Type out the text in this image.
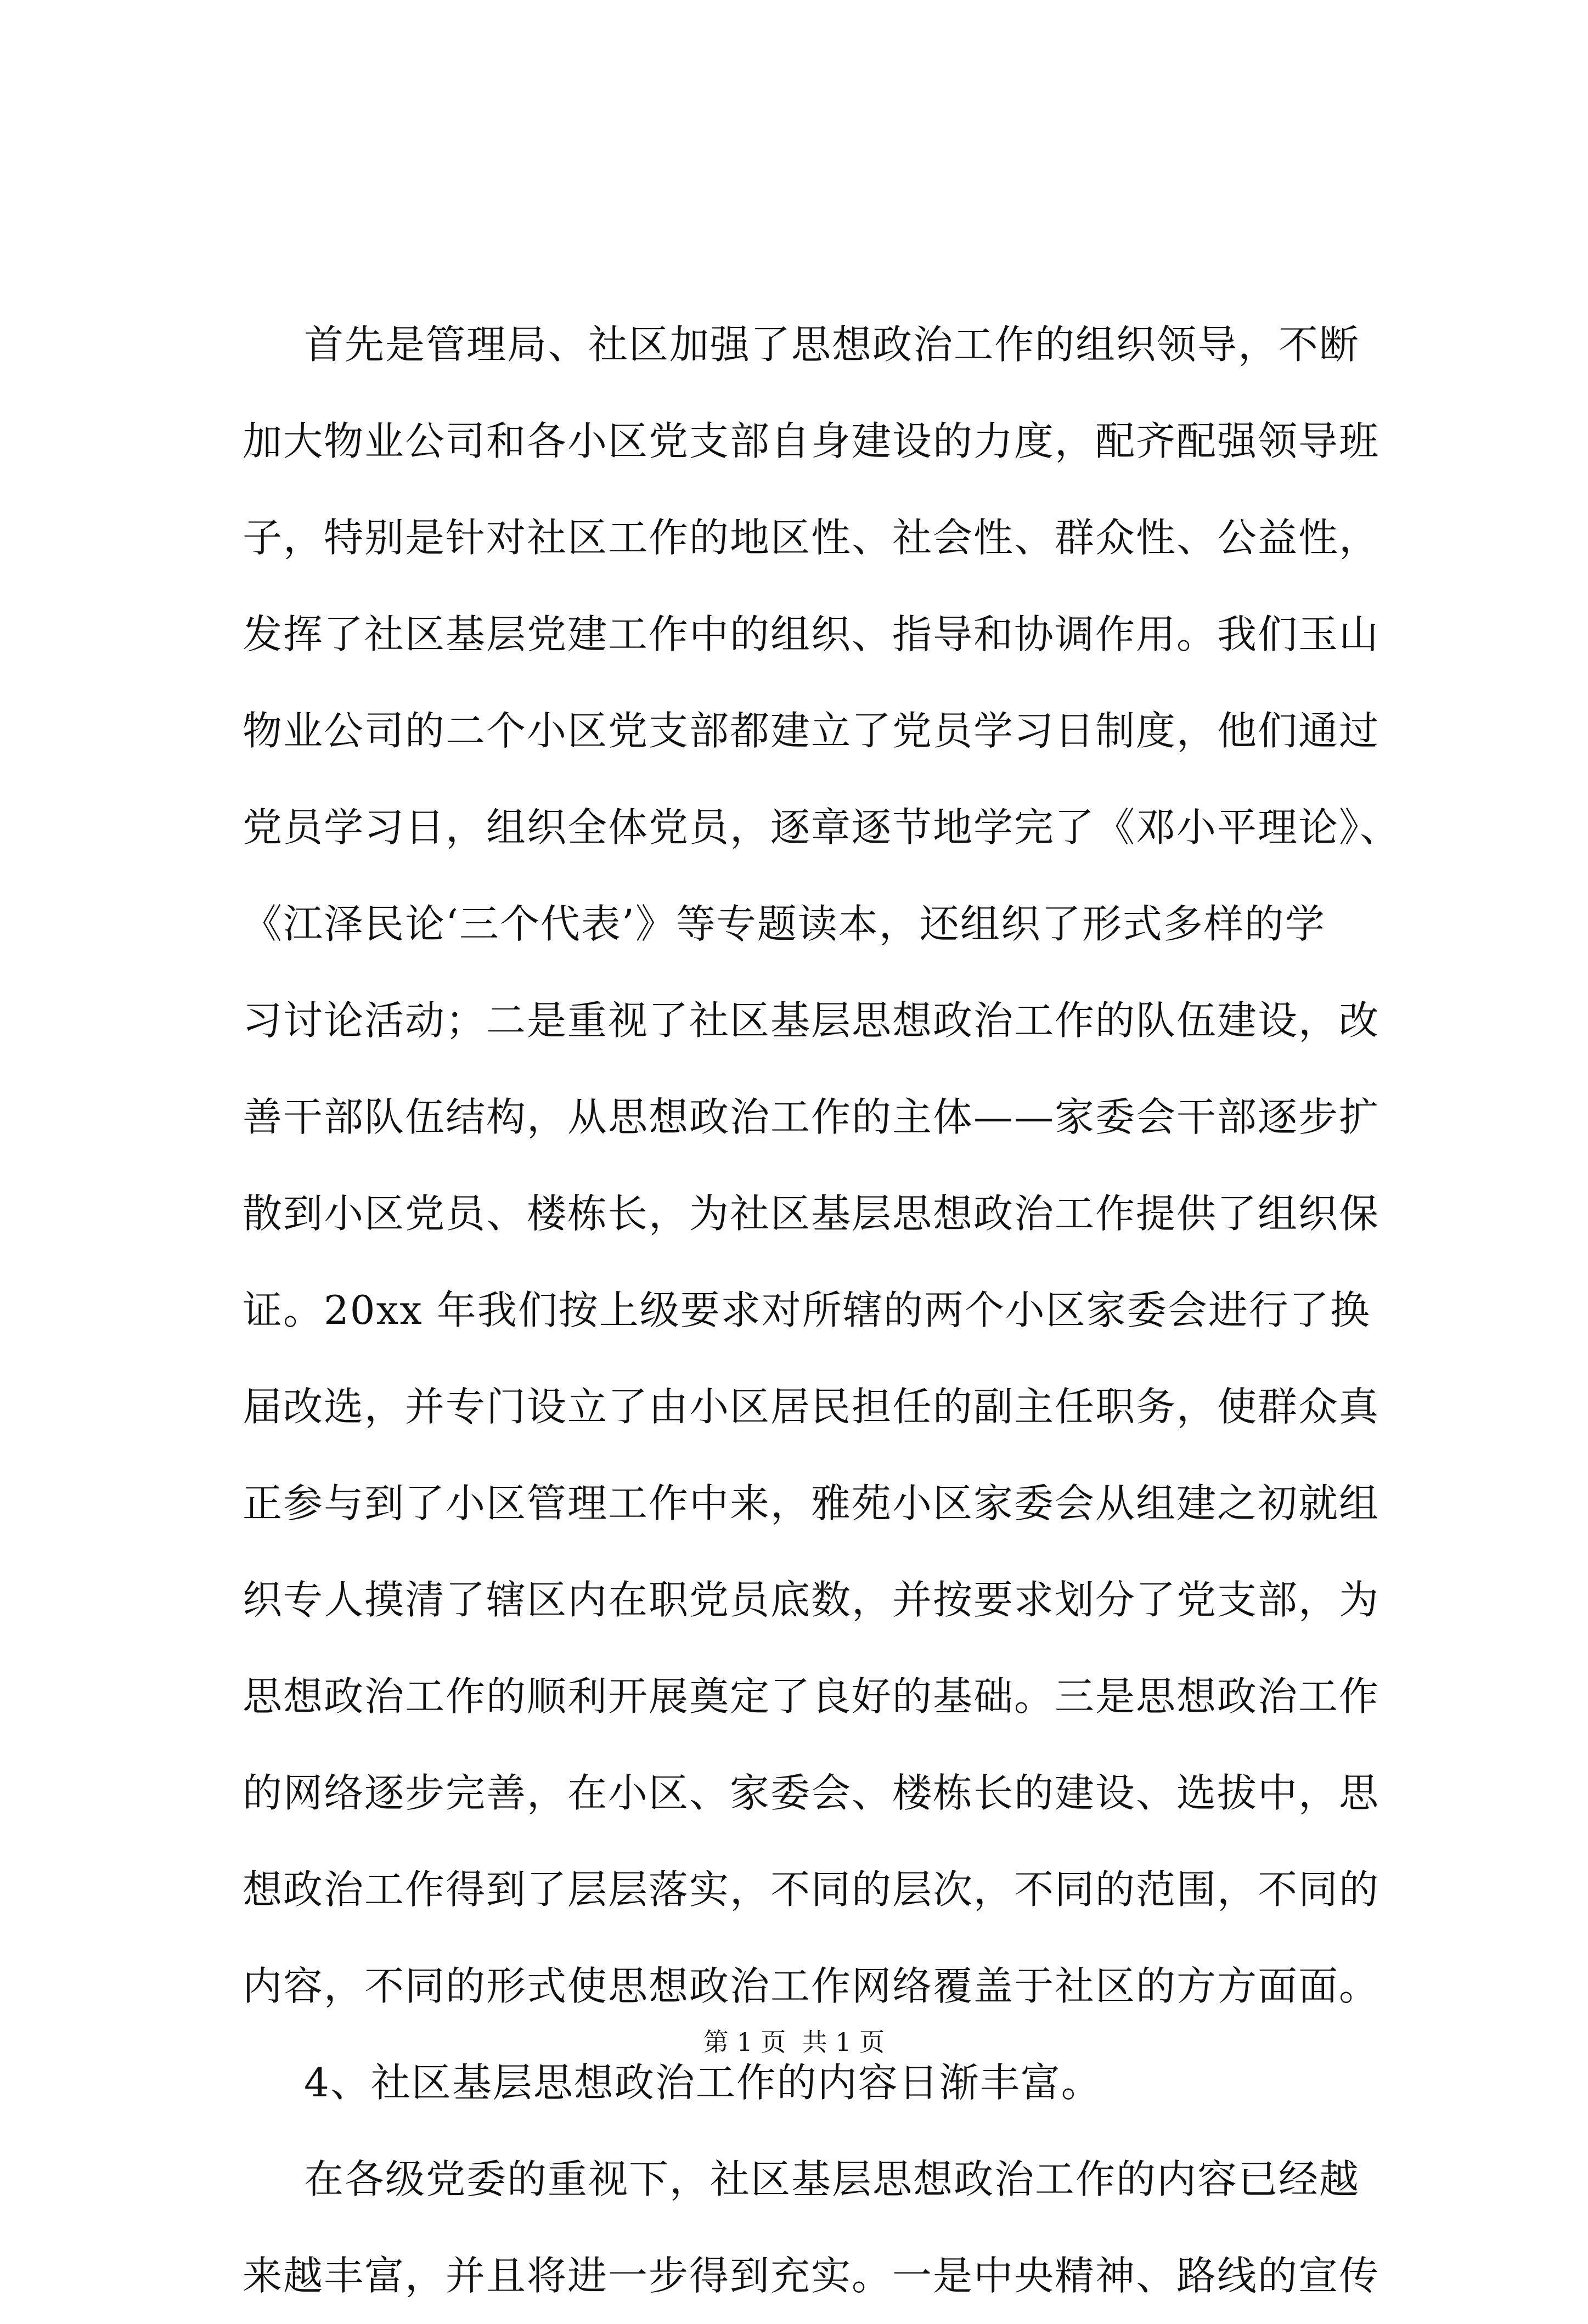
首先是管理局、社区加强了思想政治工作的组织领导，不断
加大物业公司和各小区党支部自身建设的力度，配齐配强领导班
子，特别是针对社区工作的地区性、社会性、群众性、公益性，
发挥了社区基层党建工作中的组织、指导和协调作用。我们玉山
物业公司的二个小区党支部都建立了党员学习日制度，他们通过
党员学习日，组织全体党员，逐章逐节地学完了《邓小平理论》、
《江泽民论‘三个代表’》等专题读本，还组织了形式多样的学
习讨论活动；二是重视了社区基层思想政治工作的队伍建设，改
善干部队伍结构，从思想政治工作的主体——家委会干部逐步扩
散到小区党员、楼栋长，为社区基层思想政治工作提供了组织保
证。20xx 年我们按上级要求对所辖的两个小区家委会进行了换
届改选，并专门设立了由小区居民担任的副主任职务，使群众真
正参与到了小区管理工作中来，雅苑小区家委会从组建之初就组
织专人摸清了辖区内在职党员底数，并按要求划分了党支部，为
思想政治工作的顺利开展奠定了良好的基础。三是思想政治工作
的网络逐步完善，在小区、家委会、楼栋长的建设、选拔中，思
想政治工作得到了层层落实，不同的层次，不同的范围，不同的
内容，不同的形式使思想政治工作网络覆盖于社区的方方面面。
4、社区基层思想政治工作的内容日渐丰富。
在各级党委的重视下，社区基层思想政治工作的内容已经越
来越丰富，并且将进一步得到充实。一是中央精神、路线的宣传
第 1 页  共 1 页
